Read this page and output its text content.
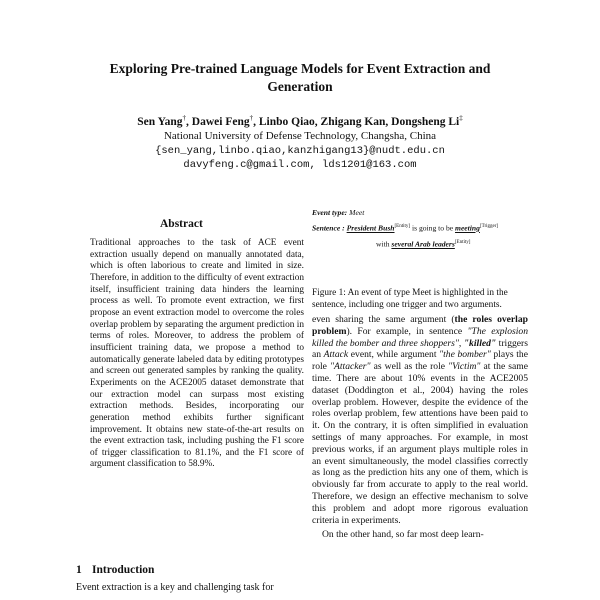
Exploring Pre-trained Language Models for Event Extraction and
Generation
Sen Yang†, Dawei Feng†, Linbo Qiao, Zhigang Kan, Dongsheng Li‡
National University of Defense Technology, Changsha, China
{sen_yang,linbo.qiao,kanzhigang13}@nudt.edu.cn
davyfeng.c@gmail.com, lds1201@163.com
Abstract
Traditional approaches to the task of ACE event extraction usually depend on manually annotated data, which is often laborious to create and limited in size. Therefore, in addition to the difficulty of event extraction itself, insufficient training data hinders the learning process as well. To promote event extraction, we first propose an event extraction model to overcome the roles overlap problem by separating the argument prediction in terms of roles. Moreover, to address the problem of insufficient training data, we propose a method to automatically generate labeled data by editing prototypes and screen out generated samples by ranking the quality. Experiments on the ACE2005 dataset demonstrate that our extraction model can surpass most existing extraction methods. Besides, incorporating our generation method exhibits further significant improvement. It obtains new state-of-the-art results on the event extraction task, including pushing the F1 score of trigger classification to 81.1%, and the F1 score of argument classification to 58.9%.
1 Introduction
Event extraction is a key and challenging task for
Event type: Meet
Sentence : President Bush[Entity] is going to be meeting[Trigger]
with several Arab leaders[Entity]
Figure 1: An event of type Meet is highlighted in the sentence, including one trigger and two arguments.

even sharing the same argument (the roles overlap problem). For example, in sentence "The explosion killed the bomber and three shoppers", "killed" triggers an Attack event, while argument "the bomber" plays the role "Attacker" as well as the role "Victim" at the same time. There are about 10% events in the ACE2005 dataset (Doddington et al., 2004) having the roles overlap problem. However, despite the evidence of the roles overlap problem, few attentions have been paid to it. On the contrary, it is often simplified in evaluation settings of many approaches. For example, in most previous works, if an argument plays multiple roles in an event simultaneously, the model classifies correctly as long as the prediction hits any one of them, which is obviously far from accurate to apply to the real world. Therefore, we design an effective mechanism to solve this problem and adopt more rigorous evaluation criteria in experiments.

On the other hand, so far most deep learn-
